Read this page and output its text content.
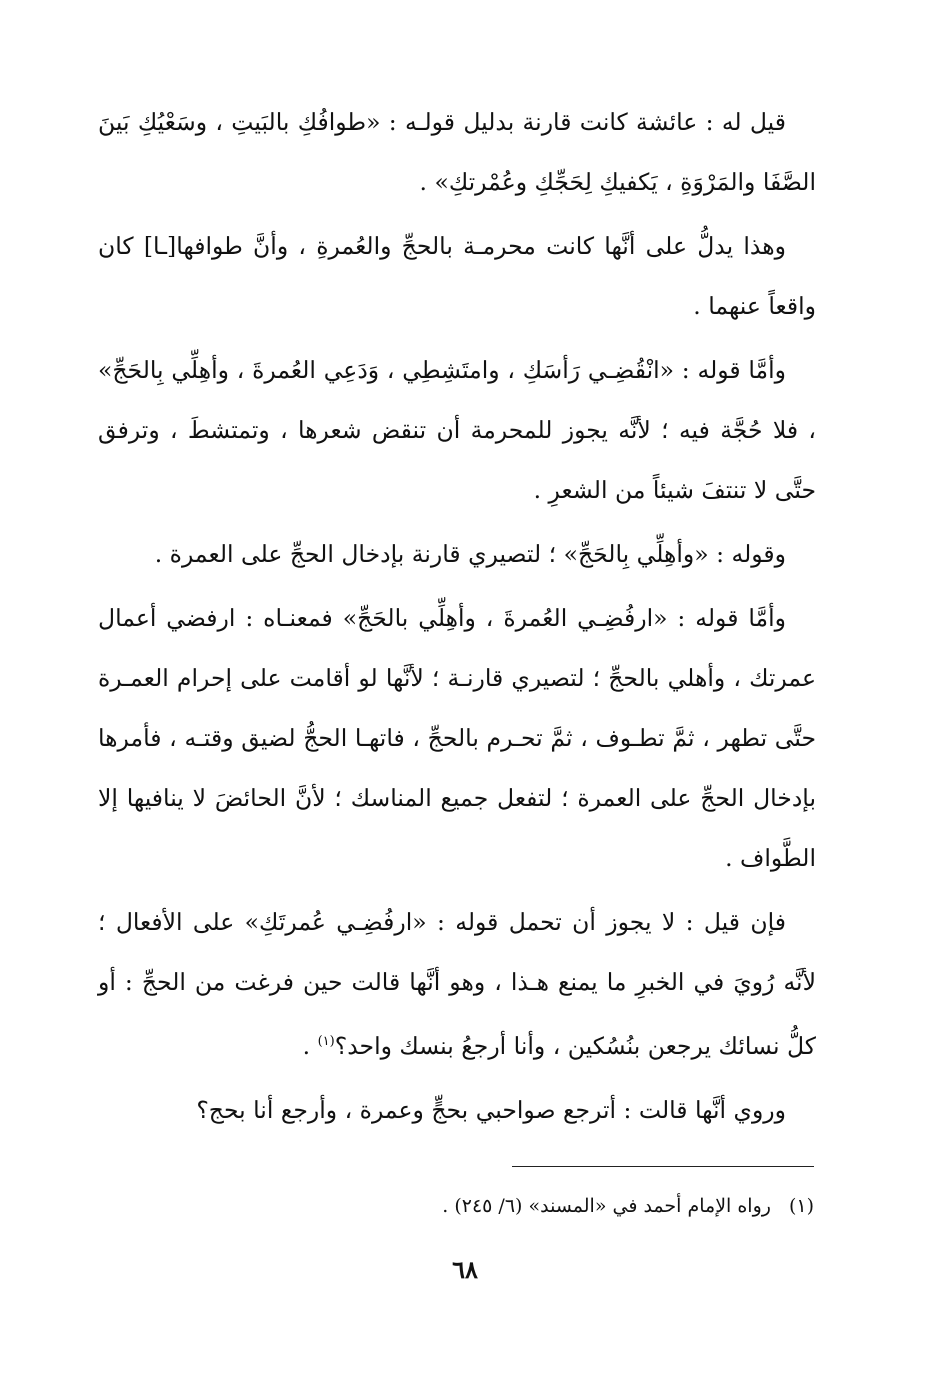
قيل له : عائشة كانت قارنة بدليل قولـه : «طوافُكِ بالبَيتِ ، وسَعْيُكِ بَينَ الصَّفَا والمَرْوَةِ ، يَكفيكِ لِحَجِّكِ وعُمْرتكِ» .

وهذا يدلُّ على أنَّها كانت محرمـة بالحجِّ والعُمرةِ ، وأنَّ طوافها[ـا] كان واقعاً عنهما .

وأمَّا قوله : «انْقُضِـي رَأسَكِ ، وامتَشِطِي ، وَدَعِي العُمرةَ ، وأهِلِّي بِالحَجِّ» ، فلا حُجَّة فيه ؛ لأنَّه يجوز للمحرمة أن تنقض شعرها ، وتمتشطَ ، وترفق حتَّى لا تنتفَ شيئاً من الشعرِ .

وقوله : «وأهِلِّي بِالحَجِّ» ؛ لتصيري قارنة بإدخال الحجِّ على العمرة .

وأمَّا قوله : «ارفُضِـي العُمرةَ ، وأهِلِّي بالحَجِّ» فمعنـاه : ارفضي أعمال عمرتك ، وأهلي بالحجِّ ؛ لتصيري قارنـة ؛ لأنَّها لو أقامت على إحرام العمـرة حتَّى تطهر ، ثمَّ تطـوف ، ثمَّ تحـرم بالحجِّ ، فاتهـا الحجُّ لضيق وقتـه ، فأمرها بإدخال الحجِّ على العمرة ؛ لتفعل جميع المناسك ؛ لأنَّ الحائضَ لا ينافيها إلا الطَّواف .

فإن قيل : لا يجوز أن تحمل قوله : «ارفُضِـي عُمرتَكِ» على الأفعال ؛ لأنَّه رُويَ في الخبرِ ما يمنع هـذا ، وهو أنَّها قالت حين فرغت من الحجِّ : أو كلُّ نسائك يرجعن بنُسُكين ، وأنا أرجعُ بنسك واحد؟$^{(١)}$ .

وروي أنَّها قالت : أترجع صواحبي بحجٍّ وعمرة ، وأرجع أنا بحج؟

(١)رواه الإمام أحمد في «المسند» (٦/ ٢٤٥) .
٦٨
